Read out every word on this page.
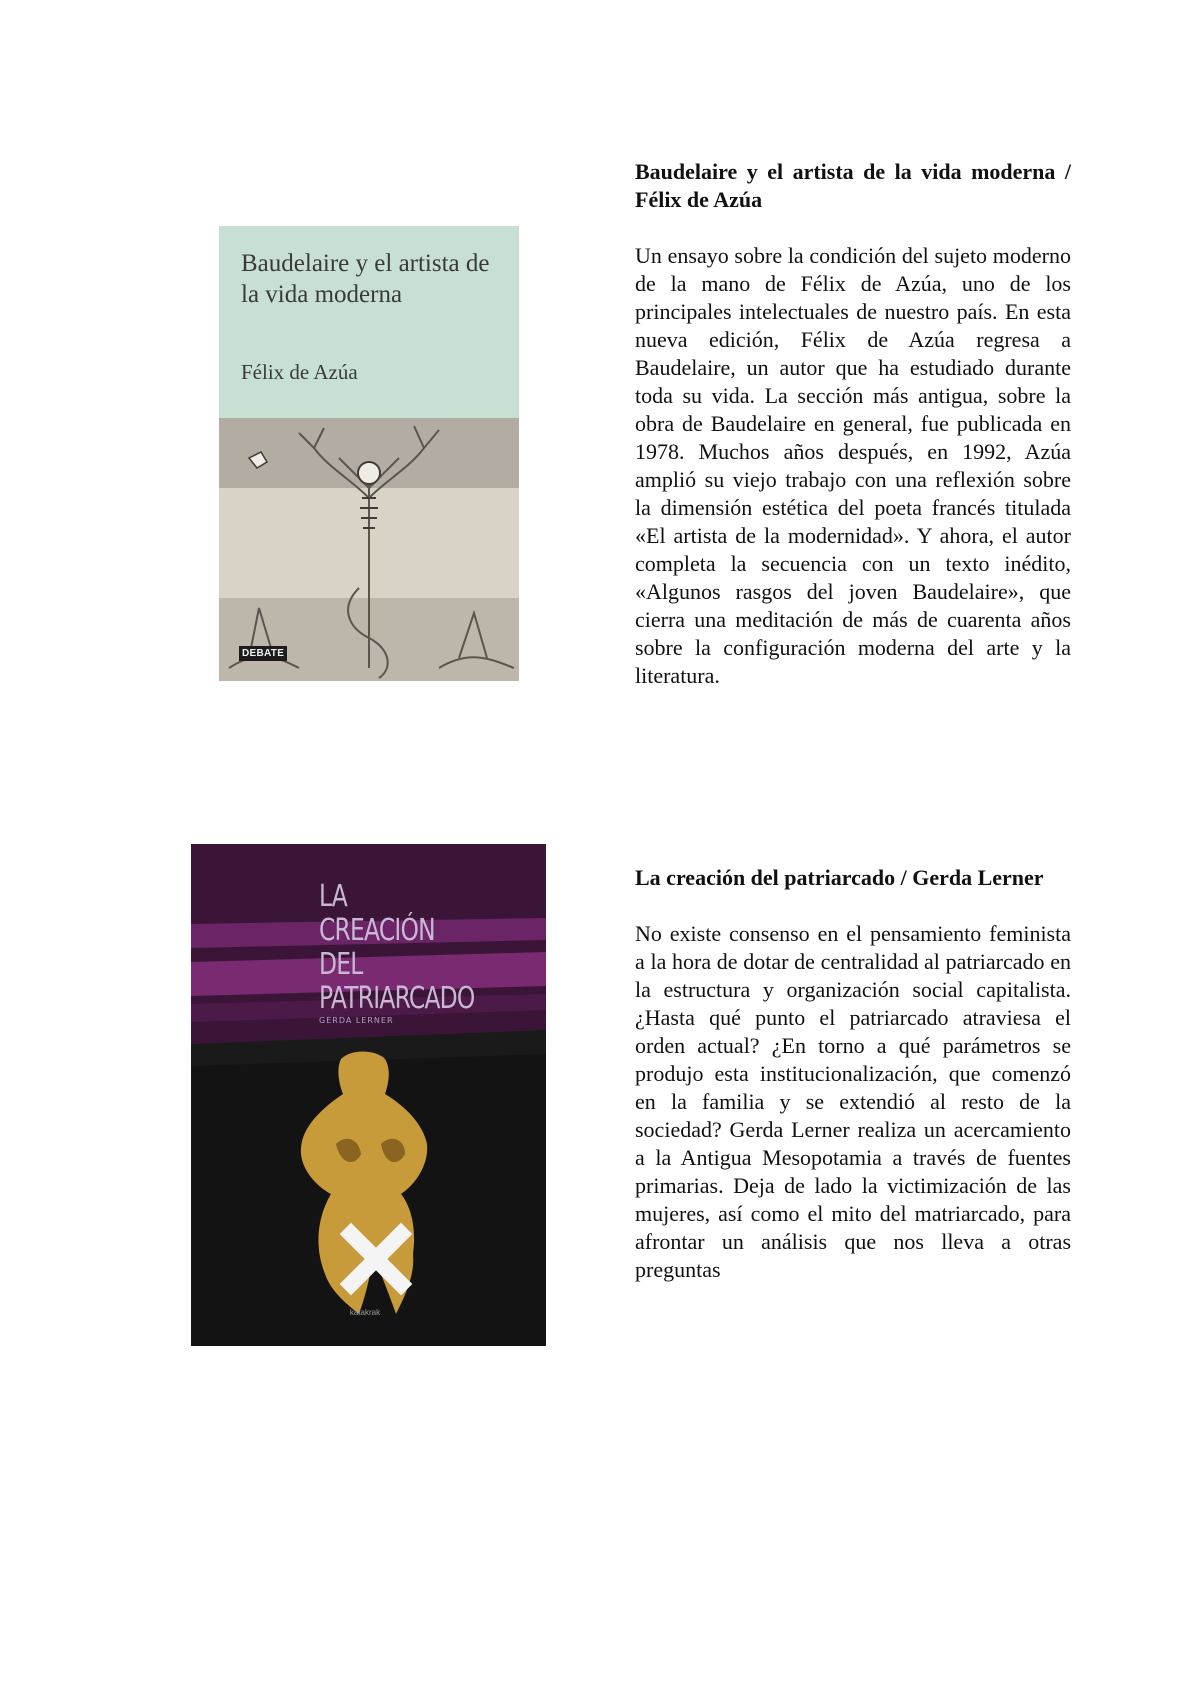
Baudelaire y el artista de la vida moderna
Félix de Azúa
DEBATE

Baudelaire y el artista de la vida moderna / Félix de Azúa

Un ensayo sobre la condición del sujeto moderno de la mano de Félix de Azúa, uno de los principales intelectuales de nuestro país. En esta nueva edición, Félix de Azúa regresa a Baudelaire, un autor que ha estudiado durante toda su vida. La sección más antigua, sobre la obra de Baudelaire en general, fue publicada en 1978. Muchos años después, en 1992, Azúa amplió su viejo trabajo con una reflexión sobre la dimensión estética del poeta francés titulada «El artista de la modernidad». Y ahora, el autor completa la secuencia con un texto inédito, «Algunos rasgos del joven Baudelaire», que cierra una meditación de más de cuarenta años sobre la configuración moderna del arte y la literatura.

LA
CREACIÓN
DEL
PATRIARCADO
GERDA LERNER
katakrak

La creación del patriarcado / Gerda Lerner

No existe consenso en el pensamiento feminista a la hora de dotar de centralidad al patriarcado en la estructura y organización social capitalista. ¿Hasta qué punto el patriarcado atraviesa el orden actual? ¿En torno a qué parámetros se produjo esta institucionalización, que comenzó en la familia y se extendió al resto de la sociedad? Gerda Lerner realiza un acercamiento a la Antigua Mesopotamia a través de fuentes primarias. Deja de lado la victimización de las mujeres, así como el mito del matriarcado, para afrontar un análisis que nos lleva a otras preguntas
